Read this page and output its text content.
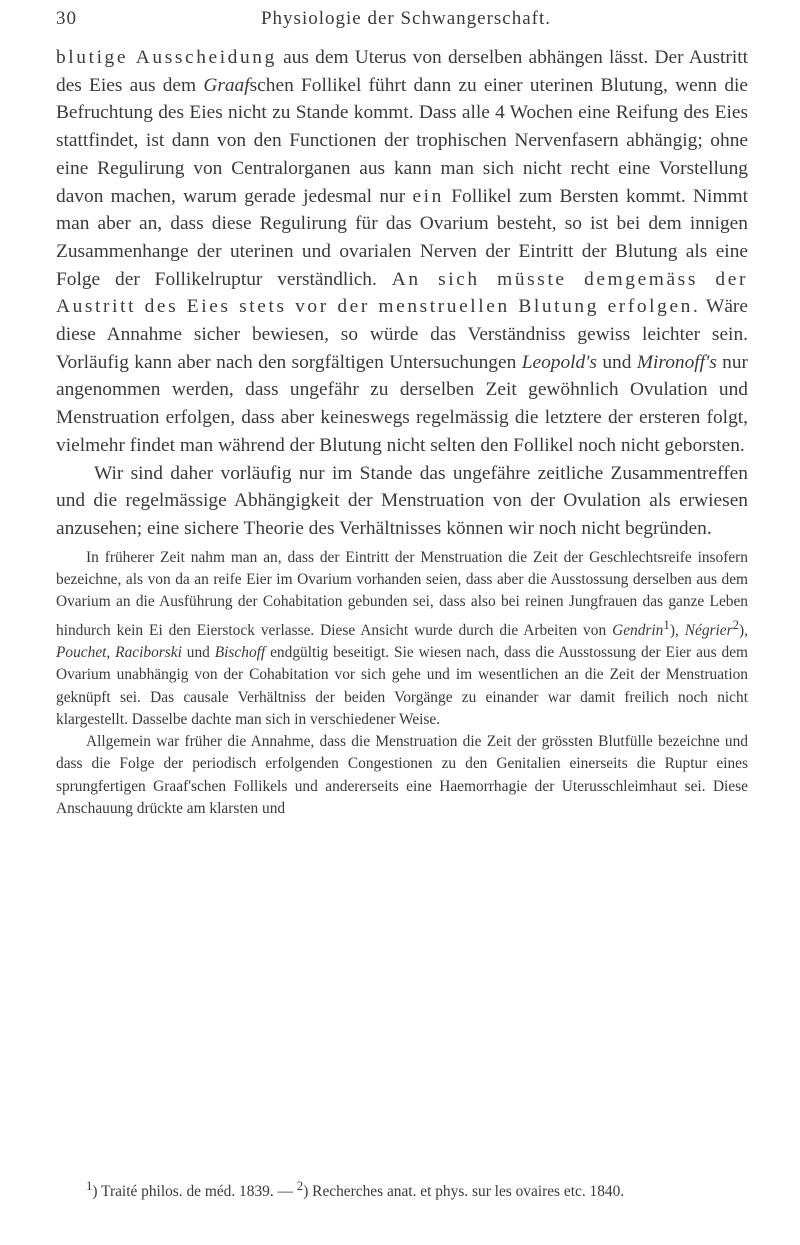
30	Physiologie der Schwangerschaft.

blutige Ausscheidung aus dem Uterus von derselben abhängen lässt. Der Austritt des Eies aus dem Graafschen Follikel führt dann zu einer uterinen Blutung, wenn die Befruchtung des Eies nicht zu Stande kommt. Dass alle 4 Wochen eine Reifung des Eies stattfindet, ist dann von den Functionen der trophischen Nervenfasern abhängig; ohne eine Regulirung von Centralorganen aus kann man sich nicht recht eine Vorstellung davon machen, warum gerade jedesmal nur ein Follikel zum Bersten kommt. Nimmt man aber an, dass diese Regulirung für das Ovarium besteht, so ist bei dem innigen Zusammenhange der uterinen und ovarialen Nerven der Eintritt der Blutung als eine Folge der Follikelruptur verständlich. An sich müsste demgemäss der Austritt des Eies stets vor der menstruellen Blutung erfolgen. Wäre diese Annahme sicher bewiesen, so würde das Verständniss gewiss leichter sein. Vorläufig kann aber nach den sorgfältigen Untersuchungen Leopold's und Mironoff's nur angenommen werden, dass ungefähr zu derselben Zeit gewöhnlich Ovulation und Menstruation erfolgen, dass aber keineswegs regelmässig die letztere der ersteren folgt, vielmehr findet man während der Blutung nicht selten den Follikel noch nicht geborsten.

Wir sind daher vorläufig nur im Stande das ungefähre zeitliche Zusammentreffen und die regelmässige Abhängigkeit der Menstruation von der Ovulation als erwiesen anzusehen; eine sichere Theorie des Verhältnisses können wir noch nicht begründen.

In früherer Zeit nahm man an, dass der Eintritt der Menstruation die Zeit der Geschlechtsreife insofern bezeichne, als von da an reife Eier im Ovarium vorhanden seien, dass aber die Ausstossung derselben aus dem Ovarium an die Ausführung der Cohabitation gebunden sei, dass also bei reinen Jungfrauen das ganze Leben hindurch kein Ei den Eierstock verlasse. Diese Ansicht wurde durch die Arbeiten von Gendrin$^1$), Négrier$^2$), Pouchet, Raciborski und Bischoff endgültig beseitigt. Sie wiesen nach, dass die Ausstossung der Eier aus dem Ovarium unabhängig von der Cohabitation vor sich gehe und im wesentlichen an die Zeit der Menstruation geknüpft sei. Das causale Verhältniss der beiden Vorgänge zu einander war damit freilich noch nicht klargestellt. Dasselbe dachte man sich in verschiedener Weise.

Allgemein war früher die Annahme, dass die Menstruation die Zeit der grössten Blutfülle bezeichne und dass die Folge der periodisch erfolgenden Congestionen zu den Genitalien einerseits die Ruptur eines sprungfertigen Graaf'schen Follikels und andererseits eine Haemorrhagie der Uterusschleimhaut sei. Diese Anschauung drückte am klarsten und

$^1$) Traité philos. de méd. 1839. — $^2$) Recherches anat. et phys. sur les ovaires etc. 1840.
